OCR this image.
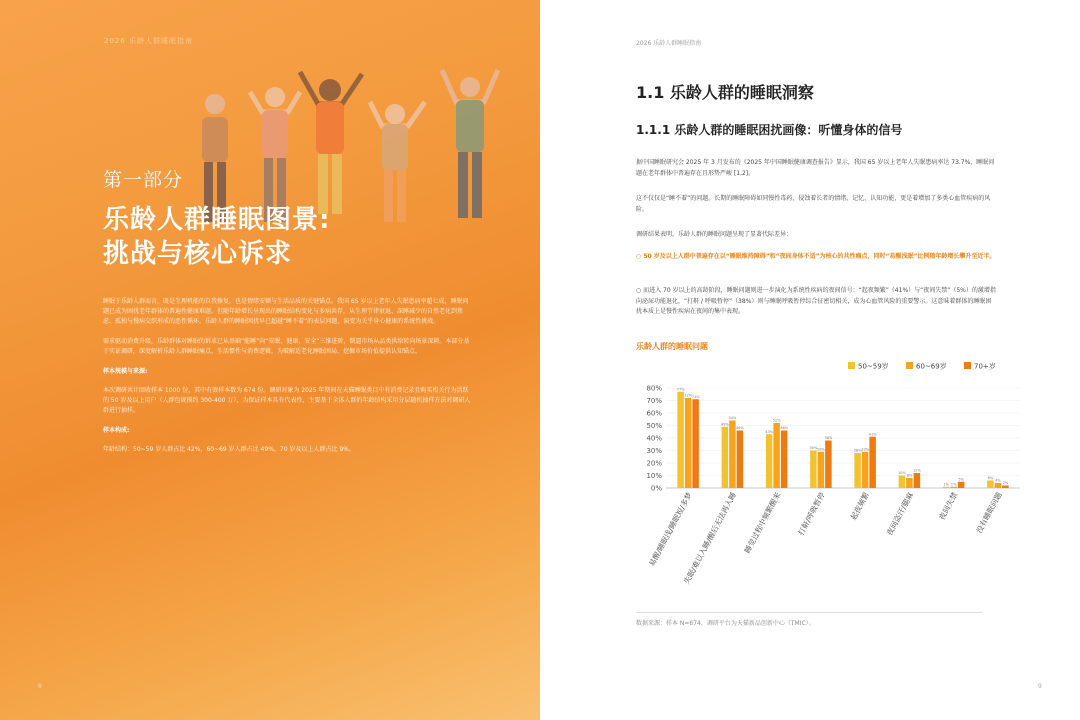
2026 乐龄人群睡眠指南
第一部分
乐龄人群睡眠图景:
挑战与核心诉求

睡眠于乐龄人群而言，既是生理机能的自我修复，也是情绪安顿与生活品质的关键锚点。我国 65 岁以上老年人失眠患病率超七成，睡眠问题已成为困扰老年群体的普遍性健康难题。但随年龄增长呈现出的睡眠结构变化与多病共存，从生理节律衰退、深睡减少的自然老化到焦虑、孤独与慢病交织形成的恶性循环，乐龄人群的睡眠困扰早已超越“睡不着”的表层问题，演变为关乎身心健康的系统性挑战。

需求驱动消费升级，乐龄群体对睡眠的诉求已从基础“能睡”向“安眠、健康、安全”三维进阶，倒逼市场从品类供给转向场景深耕。本部分基于实证调研，深度解析乐龄人群睡眠痛点、生活惯性与消费逻辑，为破解适老化睡眠困局、挖掘市场价值提供认知锚点。

样本规模与来源:

本次调研共计回收样本 1000 份，其中有效样本数为 674 份。调研对象为 2025 年期间在天猫睡眠类目中有消费记录且购买相关行为活跃的 50 岁及以上用户（人群包规模约 300-400 万），为保证样本具有代表性，主要基于全体人群的年龄结构采用分层随机抽样方法对调研人群进行抽样。

样本构成:

年龄结构：50~59 岁人群占比 42%，60~69 岁人群占比 49%，70 岁及以上人群占比 9%。

8
2026 乐龄人群睡眠指南
1.1 乐龄人群的睡眠洞察
1.1.1 乐龄人群的睡眠困扰画像：听懂身体的信号
据中国睡眠研究会 2025 年 3 月发布的《2025 年中国睡眠健康调查报告》显示，我国 65 岁以上老年人失眠患病率达 73.7%，睡眠问题在老年群体中普遍存在且形势严峻 [1,2]。
这不仅仅是“睡不着”的问题。长期的睡眠障碍如同慢性毒药，侵蚀着长者的情绪、记忆、认知功能，更是着增加了多类心血管疾病的风险。
调研结果表明，乐龄人群的睡眠问题呈现了显著代际差异：
○ 50 岁及以上人群中普遍存在以“睡眠维持障碍”和“夜间身体不适”为核心的共性痛点，同时“易醒浅眠”比例随年龄增长攀升至近半。
○ 而进入 70 岁以上的高龄阶段，睡眠问题则进一步演化为系统性疾病的夜间信号：“起夜频繁”（41%）与“夜间失禁”（5%）的激增指向泌尿功能退化，“打鼾 / 呼吸暂停”（38%）则与睡眠呼吸暂停综合征密切相关，成为心血管风险的重要警示。这意味着群体的睡眠困扰本质上是慢性疾病在夜间的集中表现。
乐龄人群的睡眠问题
0%
10%
20%
30%
40%
50%
60%
70%
80%
50~59岁	60~69岁	70+岁
77%
72% 71%
易醒/睡眠浅/睡眠短/多梦
49%
54%
46%
失眠/难以入睡/醒后无法再入睡
43%
52%
46%
睡觉过程中频繁醒来
30% 29%
38%
打鼾/呼吸暂停
28% 29%
41%
起夜频繁
10%
8%
12%
夜间盗汗/腿麻
1% 1%
5%
夜间失禁
6%
4%
2%
没有睡眠问题
数据来源：样本 N=674，调研平台为天猫新品创新中心（TMIC）。
9
